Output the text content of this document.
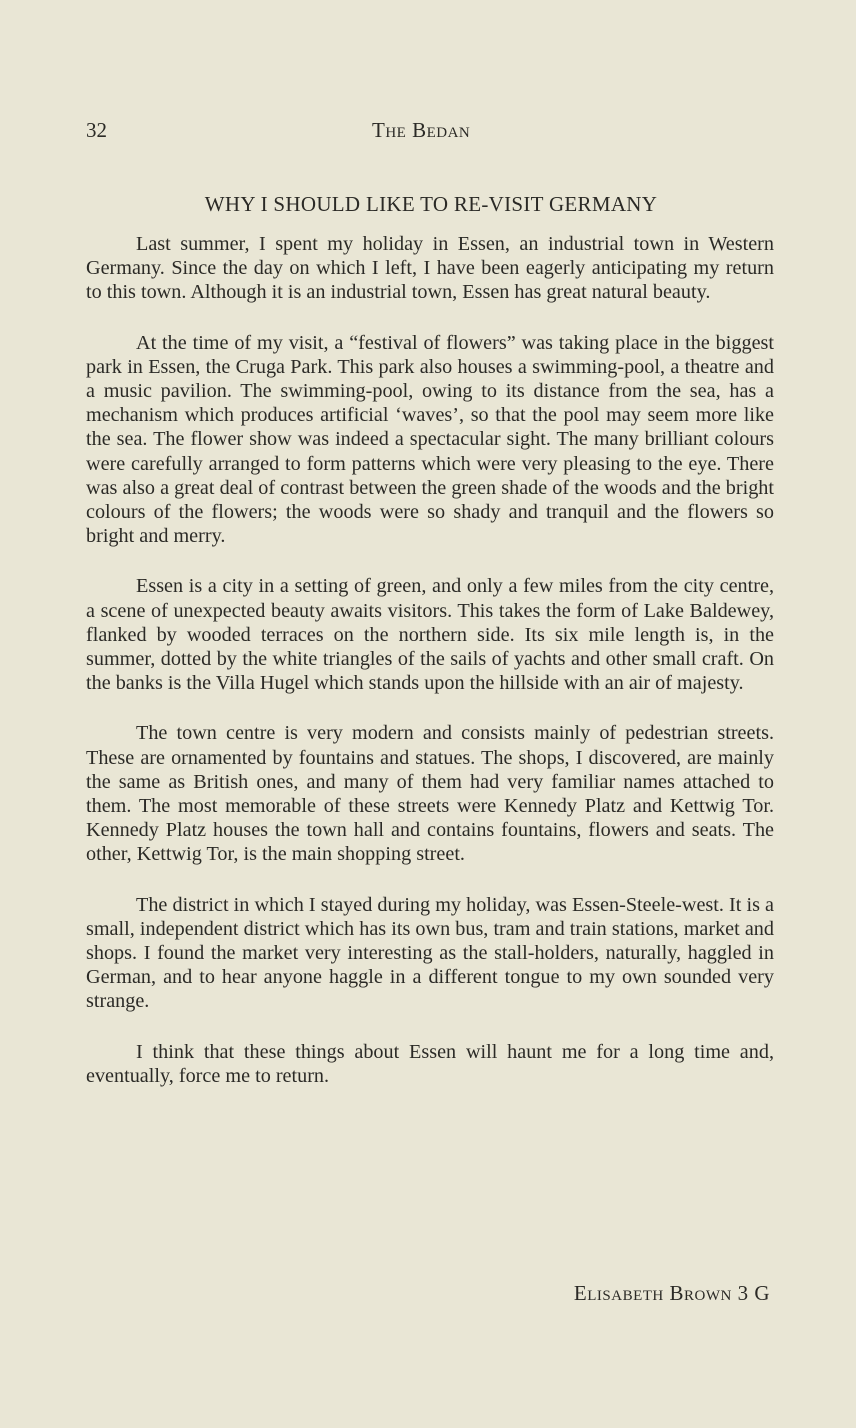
32	The Bedan
WHY I SHOULD LIKE TO RE-VISIT GERMANY

Last summer, I spent my holiday in Essen, an industrial town in Western Germany. Since the day on which I left, I have been eagerly anticipating my return to this town. Although it is an industrial town, Essen has great natural beauty.

At the time of my visit, a “festival of flowers” was taking place in the biggest park in Essen, the Cruga Park. This park also houses a swimming-pool, a theatre and a music pavilion. The swimming-pool, owing to its distance from the sea, has a mechanism which produces artificial ‘waves’, so that the pool may seem more like the sea. The flower show was indeed a spectacular sight. The many brilliant colours were carefully arranged to form patterns which were very pleasing to the eye. There was also a great deal of contrast between the green shade of the woods and the bright colours of the flowers; the woods were so shady and tranquil and the flowers so bright and merry.

Essen is a city in a setting of green, and only a few miles from the city centre, a scene of unexpected beauty awaits visitors. This takes the form of Lake Baldewey, flanked by wooded terraces on the northern side. Its six mile length is, in the summer, dotted by the white triangles of the sails of yachts and other small craft. On the banks is the Villa Hugel which stands upon the hillside with an air of majesty.

The town centre is very modern and consists mainly of pedestrian streets. These are ornamented by fountains and statues. The shops, I discovered, are mainly the same as British ones, and many of them had very familiar names attached to them. The most memorable of these streets were Kennedy Platz and Kettwig Tor. Kennedy Platz houses the town hall and contains fountains, flowers and seats. The other, Kettwig Tor, is the main shopping street.

The district in which I stayed during my holiday, was Essen-Steele-west. It is a small, independent district which has its own bus, tram and train stations, market and shops. I found the market very interesting as the stall-holders, naturally, haggled in German, and to hear anyone haggle in a different tongue to my own sounded very strange.

I think that these things about Essen will haunt me for a long time and, eventually, force me to return.

Elisabeth Brown 3 G
